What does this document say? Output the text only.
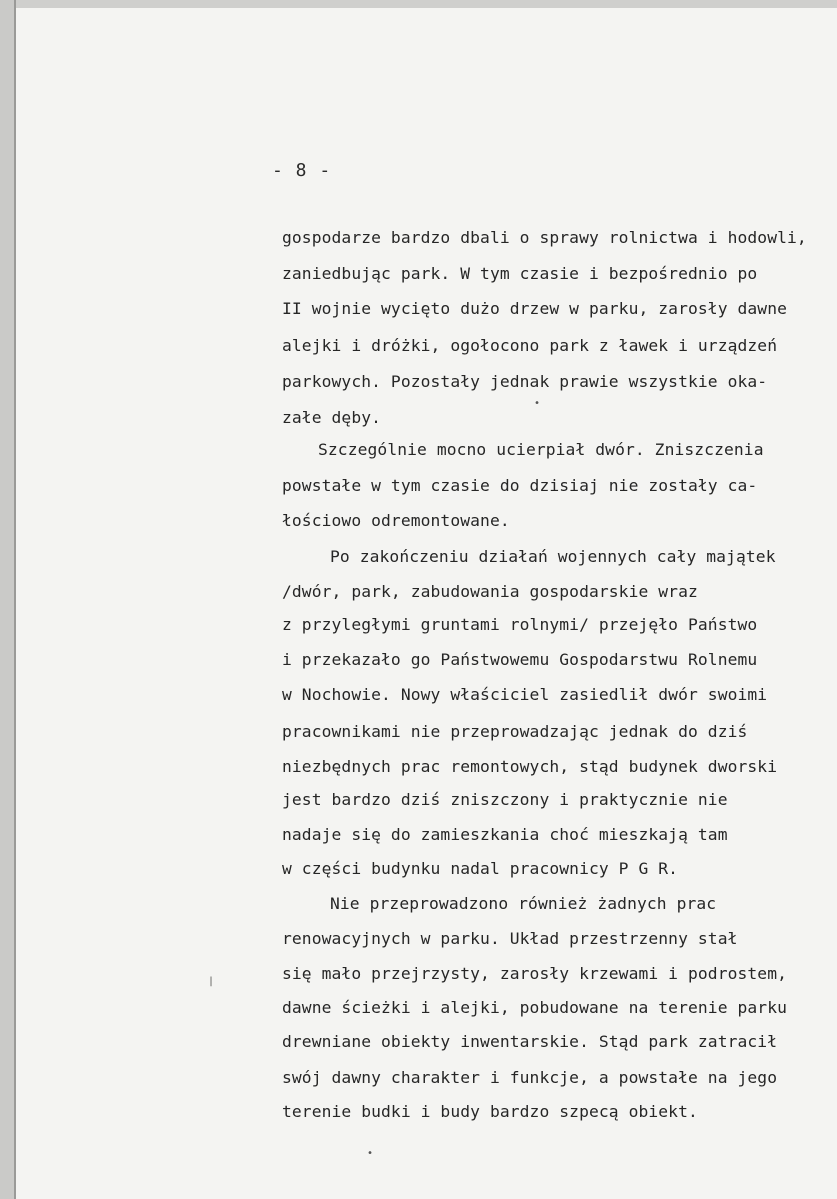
- 8 -
gospodarze bardzo dbali o sprawy rolnictwa i hodowli,
zaniedbując park. W tym czasie i bezpośrednio po
II wojnie wycięto dużo drzew w parku, zarosły dawne
alejki i dróżki, ogołocono park z ławek i urządzeń
parkowych. Pozostały jednak prawie wszystkie oka-
załe dęby.
Szczególnie mocno ucierpiał dwór. Zniszczenia
powstałe w tym czasie do dzisiaj nie zostały ca-
łościowo odremontowane.
Po zakończeniu działań wojennych cały majątek
/dwór, park, zabudowania gospodarskie wraz
z przyległymi gruntami rolnymi/ przejęło Państwo
i przekazało go Państwowemu Gospodarstwu Rolnemu
w Nochowie. Nowy właściciel zasiedlił dwór swoimi
pracownikami nie przeprowadzając jednak do dziś
niezbędnych prac remontowych, stąd budynek dworski
jest bardzo dziś zniszczony i praktycznie nie
nadaje się do zamieszkania choć mieszkają tam
w części budynku nadal pracownicy P G R.
Nie przeprowadzono również żadnych prac
renowacyjnych w parku. Układ przestrzenny stał
się mało przejrzysty, zarosły krzewami i podrostem,
dawne ścieżki i alejki, pobudowane na terenie parku
drewniane obiekty inwentarskie. Stąd park zatracił
swój dawny charakter i funkcje, a powstałe na jego
terenie budki i budy bardzo szpecą obiekt.
|
•
•
